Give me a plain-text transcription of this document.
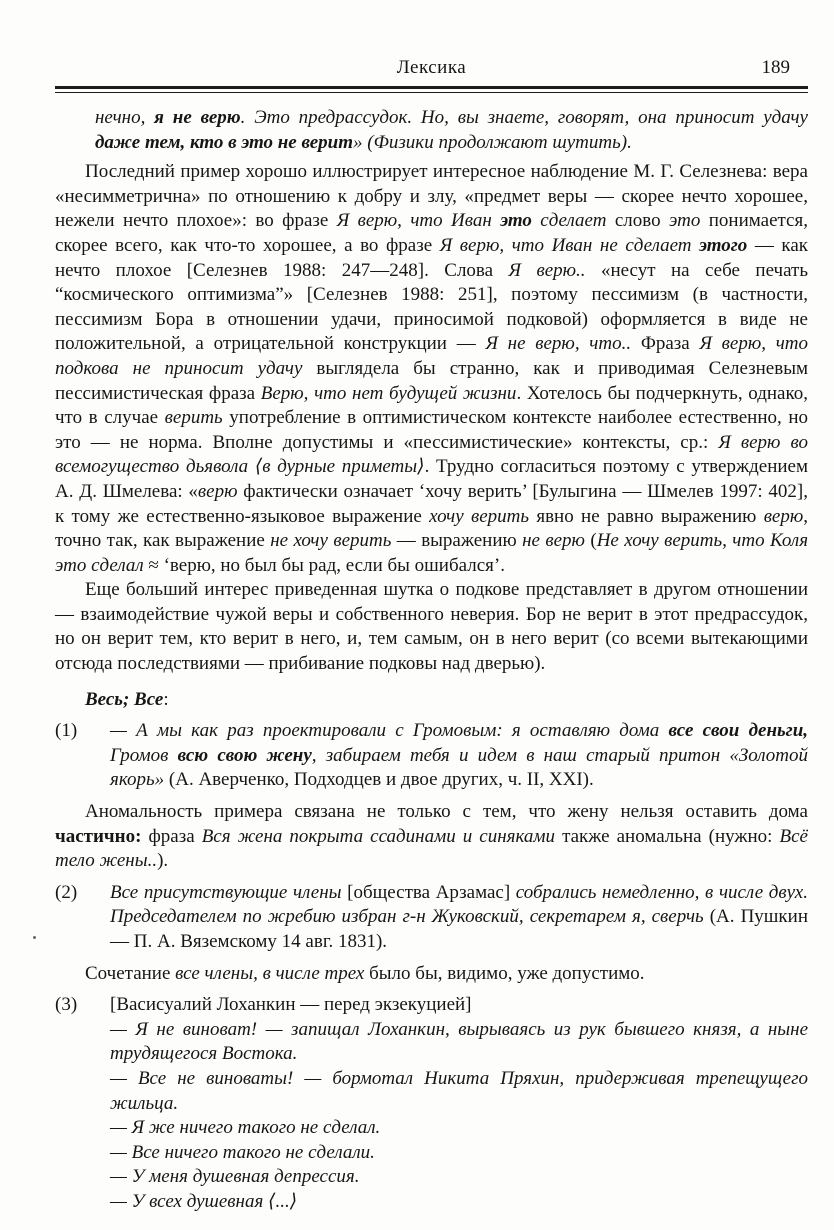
Лексика	189
нечно, я не верю. Это предрассудок. Но, вы знаете, говорят, она приносит удачу даже тем, кто в это не верит» (Физики продолжают шутить).
Последний пример хорошо иллюстрирует интересное наблюдение М. Г. Селезнева: вера «несимметрична» по отношению к добру и злу, «предмет веры — скорее нечто хорошее, нежели нечто плохое»: во фразе Я верю, что Иван это сделает слово это понимается, скорее всего, как что-то хорошее, а во фразе Я верю, что Иван не сделает этого — как нечто плохое [Селезнев 1988: 247—248]. Слова Я верю.. «несут на себе печать “космического оптимизма”» [Селезнев 1988: 251], поэтому пессимизм (в частности, пессимизм Бора в отношении удачи, приносимой подковой) оформляется в виде не положительной, а отрицательной конструкции — Я не верю, что.. Фраза Я верю, что подкова не приносит удачу выглядела бы странно, как и приводимая Селезневым пессимистическая фраза Верю, что нет будущей жизни. Хотелось бы подчеркнуть, однако, что в случае верить употребление в оптимистическом контексте наиболее естественно, но это — не норма. Вполне допустимы и «пессимистические» контексты, ср.: Я верю во всемогущество дьявола ⟨в дурные приметы⟩. Трудно согласиться поэтому с утверждением А. Д. Шмелева: «верю фактически означает ‘хочу верить’ [Булыгина — Шмелев 1997: 402], к тому же естественно-языковое выражение хочу верить явно не равно выражению верю, точно так, как выражение не хочу верить — выражению не верю (Не хочу верить, что Коля это сделал ≈ ‘верю, но был бы рад, если бы ошибался’.
Еще больший интерес приведенная шутка о подкове представляет в другом отношении — взаимодействие чужой веры и собственного неверия. Бор не верит в этот предрассудок, но он верит тем, кто верит в него, и, тем самым, он в него верит (со всеми вытекающими отсюда последствиями — прибивание подковы над дверью).
Весь; Все:
(1)	— А мы как раз проектировали с Громовым: я оставляю дома все свои деньги, Громов всю свою жену, забираем тебя и идем в наш старый притон «Золотой якорь» (А. Аверченко, Подходцев и двое других, ч. II, XXI).
Аномальность примера связана не только с тем, что жену нельзя оставить дома частично: фраза Вся жена покрыта ссадинами и синяками также аномальна (нужно: Всё тело жены..).
(2)	Все присутствующие члены [общества Арзамас] собрались немедленно, в числе двух. Председателем по жребию избран г-н Жуковский, секретарем я, сверчь (А. Пушкин — П. А. Вяземскому 14 авг. 1831).
Сочетание все члены, в числе трех было бы, видимо, уже допустимо.
(3)	[Васисуалий Лоханкин — перед экзекуцией]
— Я не виноват! — запищал Лоханкин, вырываясь из рук бывшего князя, а ныне трудящегося Востока.
— Все не виноваты! — бормотал Никита Пряхин, придерживая трепещущего жильца.
— Я же ничего такого не сделал.
— Все ничего такого не сделали.
— У меня душевная депрессия.
— У всех душевная ⟨...⟩
